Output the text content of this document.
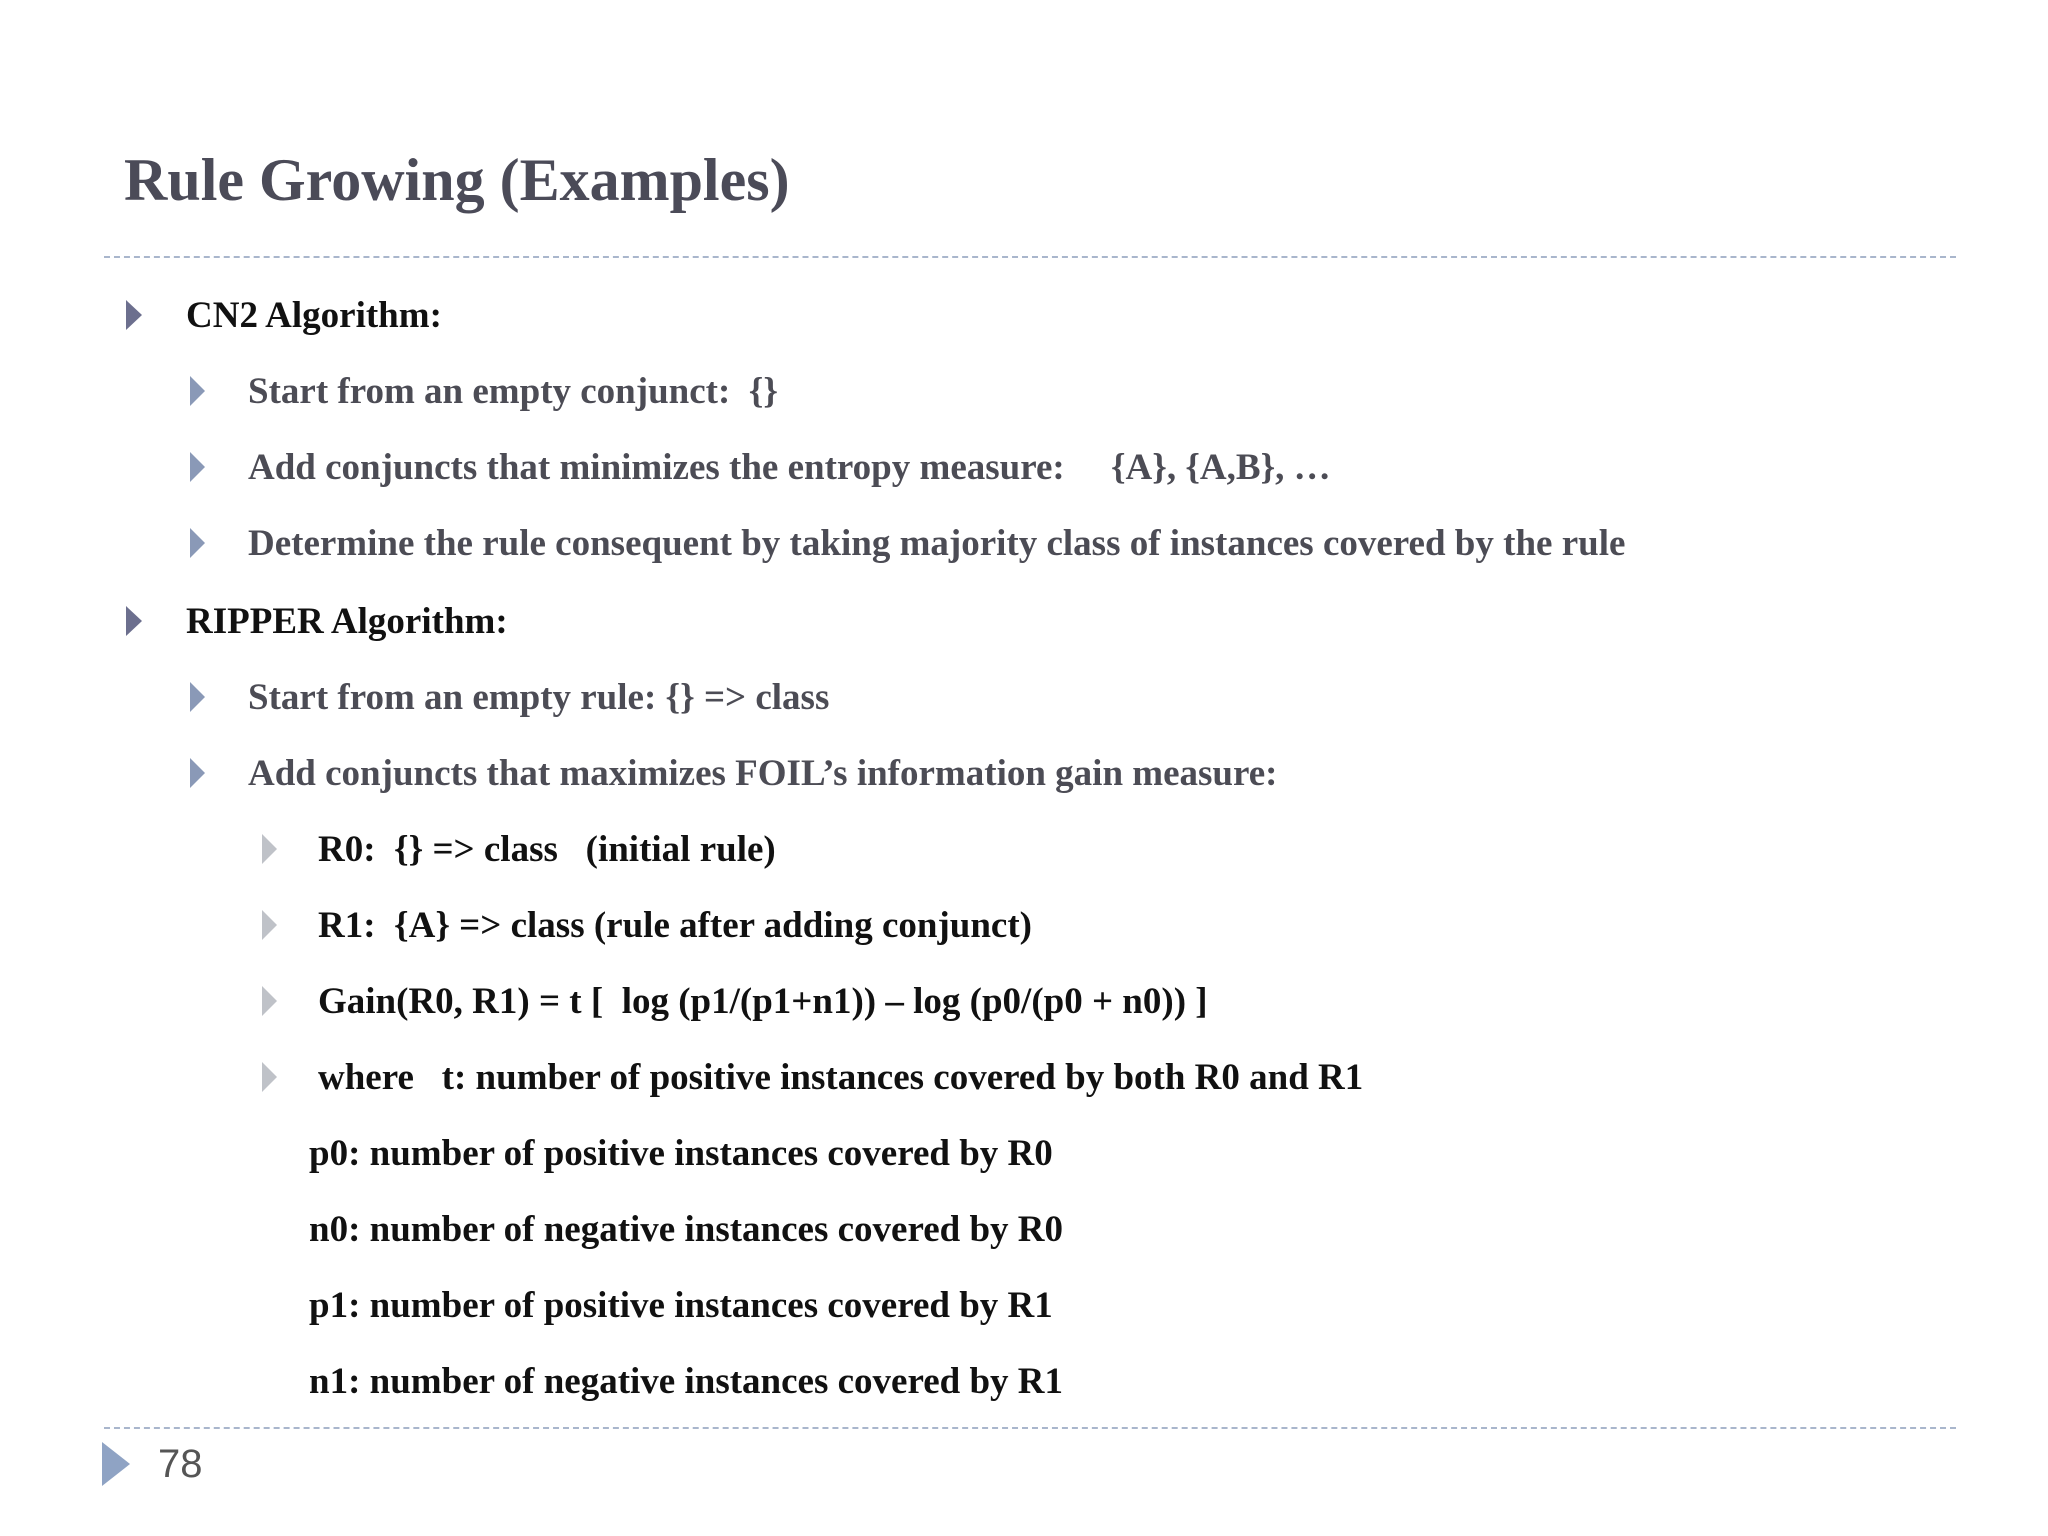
Rule Growing (Examples)
CN2 Algorithm:
Start from an empty conjunct:  {}
Add conjuncts that minimizes the entropy measure:     {A}, {A,B}, …
Determine the rule consequent by taking majority class of instances covered by the rule
RIPPER Algorithm:
Start from an empty rule: {} => class
Add conjuncts that maximizes FOIL’s information gain measure:
R0:  {} => class   (initial rule)
R1:  {A} => class (rule after adding conjunct)
Gain(R0, R1) = t [  log (p1/(p1+n1)) – log (p0/(p0 + n0)) ]
where   t: number of positive instances covered by both R0 and R1
p0: number of positive instances covered by R0
n0: number of negative instances covered by R0
p1: number of positive instances covered by R1
n1: number of negative instances covered by R1
78
